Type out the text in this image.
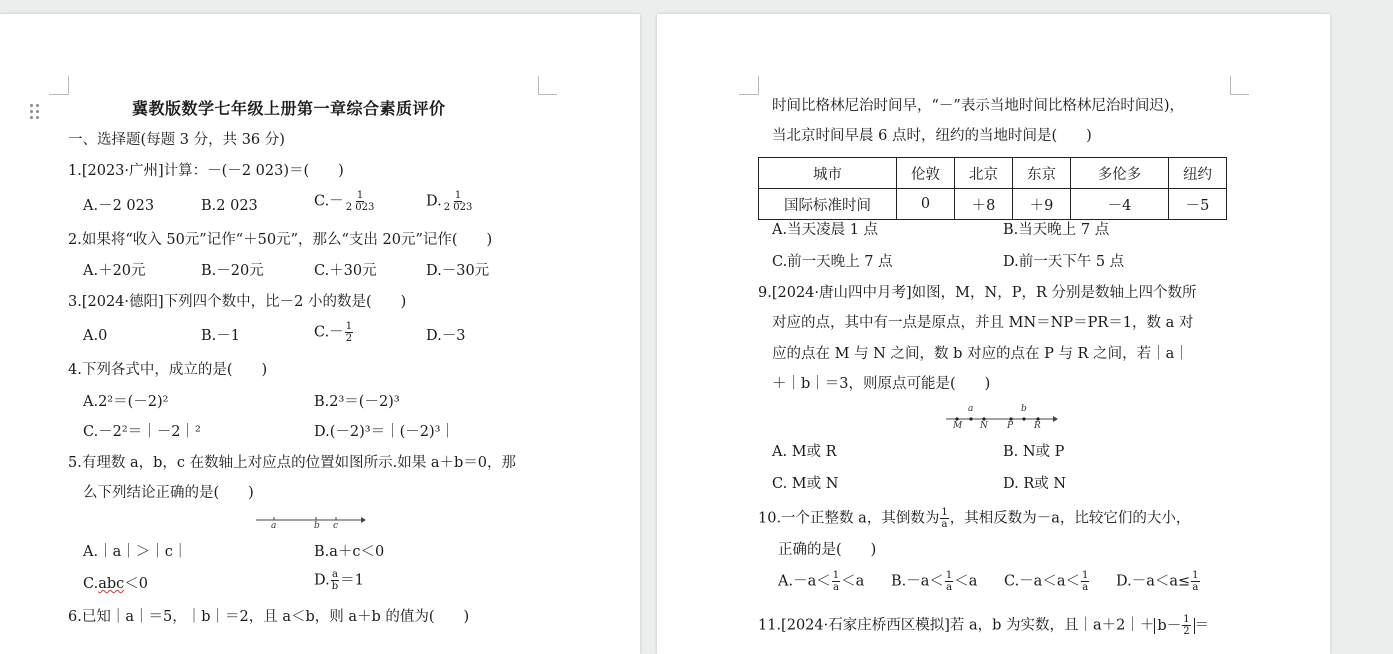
冀教版数学七年级上册第一章综合素质评价
一、选择题(每题 3 分，共 36 分)
1.[2023·广州]计算：－(－2 023)＝(　　)
A.－2 023	B.2 023	$C.- \frac{1}{2 023}$	D. $\frac{1}{2 023}$
2.如果将“收入 50元”记作“＋50元”，那么“支出 20元”记作(　　)
A.＋20元	B.－20元	C.＋30元	D.－30元
3.[2024·德阳]下列四个数中，比－2 小的数是(　　)
A.0	B.－1	$C.- \frac{1}{2}$	D.－3
4.下列各式中，成立的是(　　)
A.2²＝(－2)²	B.2³＝(－2)³
C.－2²＝｜－2｜²	D.(－2)³＝｜(－2)³｜
5.有理数 a，b，c 在数轴上对应点的位置如图所示.如果 a＋b＝0，那
么下列结论正确的是(　　)
a	b c
A.｜a｜＞｜c｜	B.a＋c＜0
C.abc＜0	D. $\frac{a}{b} =1$
6.已知｜a｜＝5，｜b｜＝2，且 a＜b，则 a＋b 的值为(　　)
城市	伦敦	北京	东京	多伦多	纽约
国际标准时间	0	＋8	＋9	－4	－5
时间比格林尼治时间早，“－”表示当地时间比格林尼治时间迟)，
当北京时间早晨 6 点时，纽约的当地时间是(　　)
A.当天凌晨 1 点	B.当天晚上 7 点
C.前一天晚上 7 点	D.前一天下午 5 点
9.[2024·唐山四中月考]如图，M，N，P，R 分别是数轴上四个数所
对应的点，其中有一点是原点，并且 MN＝NP＝PR＝1，数 a 对
应的点在 M 与 N 之间，数 b 对应的点在 P 与 R 之间，若｜a｜
＋｜b｜＝3，则原点可能是(　　)
a	b
M N P R
A. M或 R	B. N或 P
C. M或 N	D. R或 N
10.一个正整数 a，其倒数为 $\frac{1}{a}$ ，其相反数为－a，比较它们的大小，
正确的是(　　)
$A.-a< \frac{1}{a} <a$ $B.-a< \frac{1}{a} <a$ $C.-a<a< \frac{1}{a} D.-a<a\le \frac{1}{a}$
11.[2024·石家庄桥西区模拟]若 a，b 为实数，且｜a＋2｜＋ $b- \frac{1}{2}$ ＝
